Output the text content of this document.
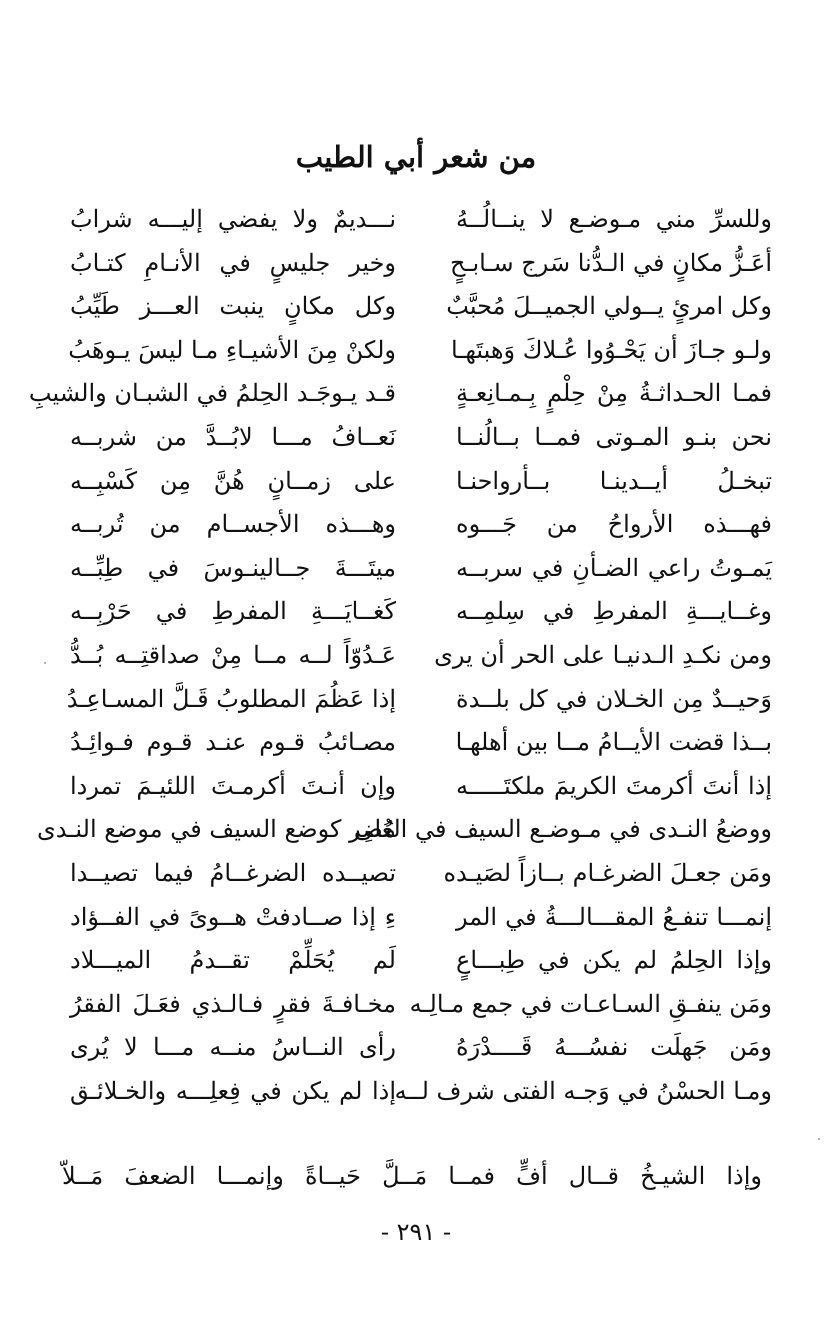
من شعر أبي الطيب
وللسرِّ مني مـوضـع لا ينــالُــهُ
نـــديمٌ ولا يفضي إليـــه شرابُ
أعَـزُّ مكانٍ في الـدُّنا سَرج سـابـحٍ
وخير جليسٍ في الأنـامِ كتـابُ
وكل امرئٍ يــولي الجميــلَ مُحبَّبٌ
وكل مكانٍ ينبت العـــز طَيِّبُ
ولـو جـازَ أن يَحْـوُوا عُـلاكَ وَهبتَهـا
ولكنْ مِنَ الأشيـاءِ مـا ليسَ يـوهَبُ
فمـا الحـداثـةُ مِنْ حِلْمٍ بِـمـانِعـةٍ
قـد يـوجَـد الحِلمُ في الشبـان والشيبِ
نحن بنـو المـوتى فمــا بــالُنــا
نَعــافُ مـــا لابُــدَّ من شربــه
تبخـلُ أيــدينـا بــأرواحنـا
على زمــانٍ هُنَّ مِن كَسْبِــه
فهـــذه الأرواحُ من جَـــوه
وهـــذه الأجســام من تُربــه
يَمـوتُ راعي الضـأنِ في سربــه
ميتَـــةَ جــالينـوسَ في طِبِّــه
وغــايـــةِ المفرطِ في سِلمِــه
كَغــايَـــةِ المفرطِ في حَرْبِــه
ومن نكـدِ الـدنيـا على الحر أن يرى
عَـدُوّاً لــه مــا مِنْ صداقتِــه بُــدُّ
وَحيــدٌ مِن الخـلان في كل بلــدة
إذا عَظُمَ المطلوبُ قَـلَّ المسـاعِـدُ
بــذا قضت الأيــامُ مــا بين أهلهـا
مصـائبُ قـوم عنـد قـوم فـوائِـدُ
إذا أنتَ أكرمتَ الكريمَ ملكتَـــــه
وإن أنـتَ أكرمـتَ اللئيـمَ تمردا
ووضعُ النـدى في مـوضـع السيف في العُلى
مُضِر كوضع السيف في موضع النـدى
ومَن جعـلَ الضرغـام بــازاً لصَيـده
تصيــده الضرغــامُ فيما تصيــدا
إنمـــا تنفـعُ المقـــالـــةُ في المر
ءِ إذا صــادفتْ هــوىً في الفــؤاد
وإذا الحِلمُ لم يكن في طِبـــاعٍ
لَم يُحَلِّمْ تقــدمُ الميـــلاد
ومَن ينفـقِ السـاعـات في جمع مـالِـه
مخـافـةَ فقرٍ فـالـذي فعَـلَ الفقرُ
ومَن جَهلَت نفسُـــهُ قَــــدْرَهُ
رأى النــاسُ منــه مـــا لا يُرى
ومـا الحسْنُ في وَجـه الفتى شرف لــه
إذا لم يكن في فِعلِـــه والخـلائـق
وإذا الشيـخُ قــال أفٍّ فمــا مَــلَّ حَيــاةً وإنمـــا الضعفَ مَــلاّ
- ٢٩١ -
